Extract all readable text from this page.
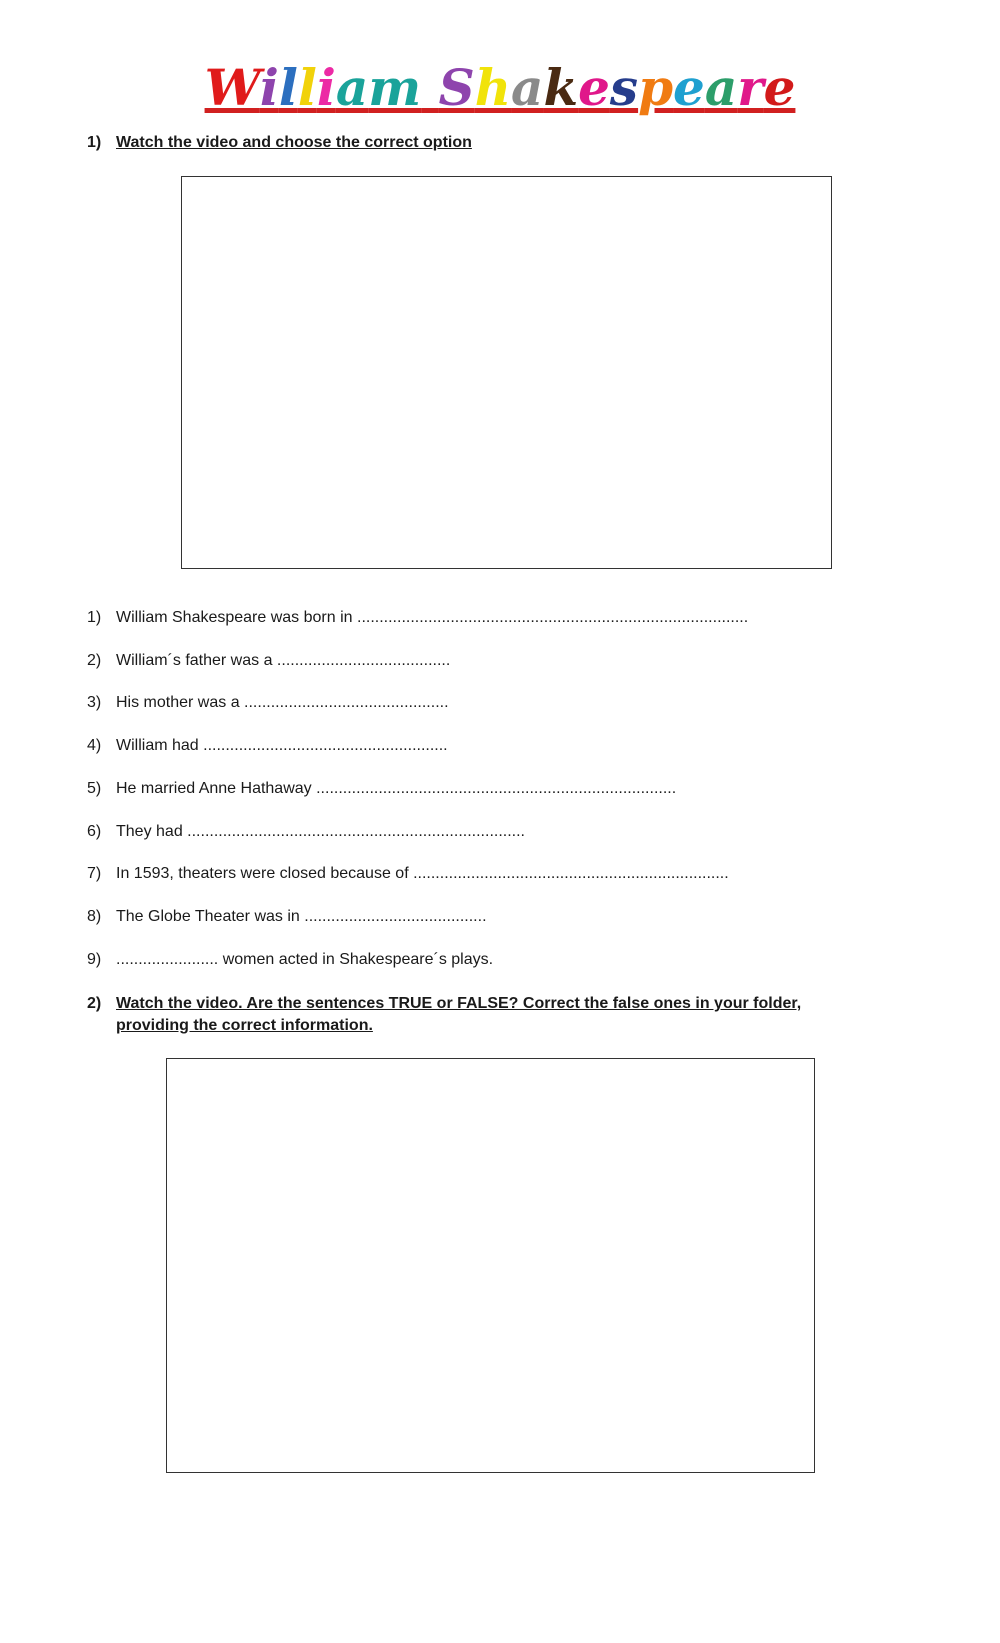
William Shakespeare
1) Watch the video and choose the correct option
1) William Shakespeare was born in ........................................................................................
2) William´s father was a .......................................
3) His mother was a ..............................................
4) William had .......................................................
5) He married Anne Hathaway .................................................................................
6) They had ............................................................................
7) In 1593, theaters were closed because of .......................................................................
8) The Globe Theater was in .........................................
9) ....................... women acted in Shakespeare´s plays.
2) Watch the video. Are the sentences TRUE or FALSE? Correct the false ones in your folder, providing the correct information.
